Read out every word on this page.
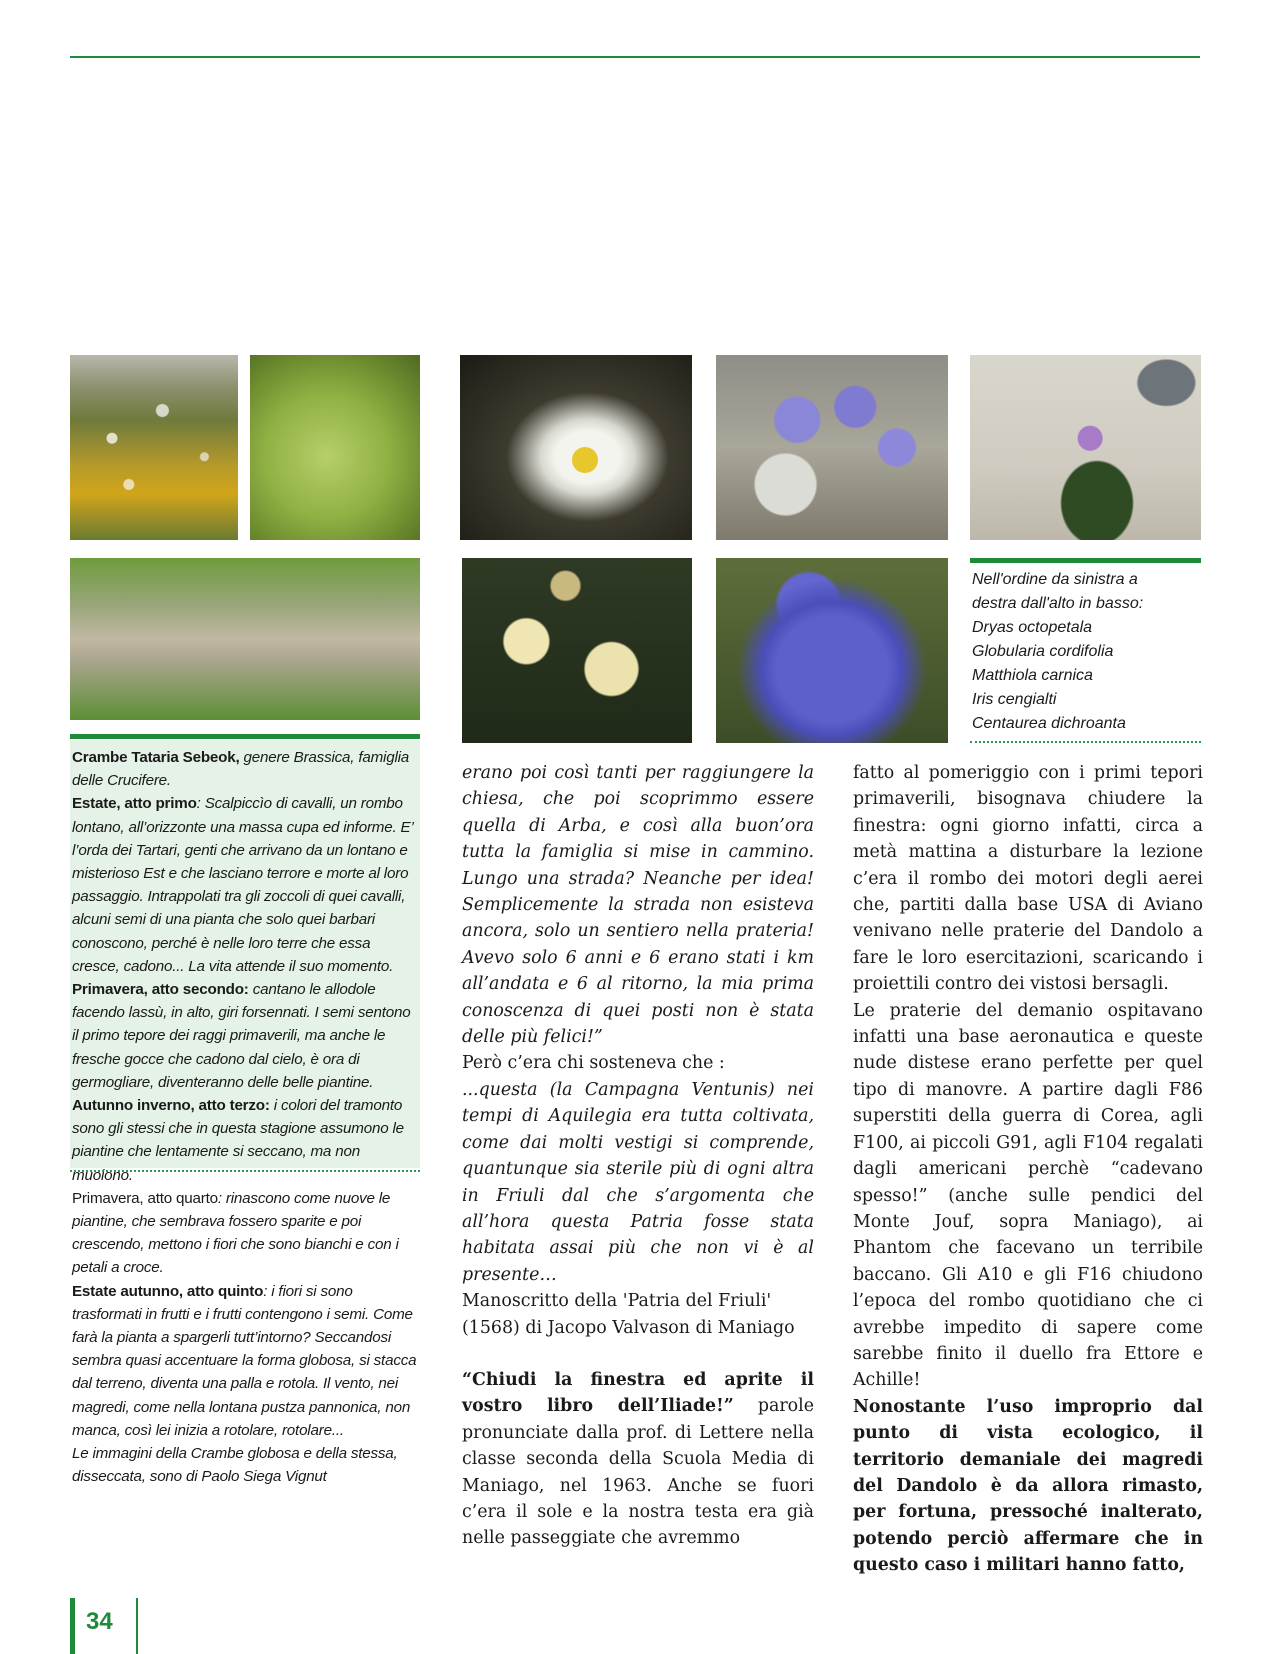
Nell'ordine da sinistra a
destra dall'alto in basso:
Dryas octopetala
Globularia cordifolia
Matthiola carnica
Iris cengialti
Centaurea dichroanta

Crambe Tataria Sebeok, genere Brassica, famiglia delle Crucifere.

Estate, atto primo: Scalpiccìo di cavalli, un rombo lontano, all’orizzonte una massa cupa ed informe. E’ l’orda dei Tartari, genti che arrivano da un lontano e misterioso Est e che lasciano terrore e morte al loro passaggio. Intrappolati tra gli zoccoli di quei cavalli, alcuni semi di una pianta che solo quei barbari conoscono, perché è nelle loro terre che essa cresce, cadono... La vita attende il suo momento.

Primavera, atto secondo: cantano le allodole facendo lassù, in alto, giri forsennati. I semi sentono il primo tepore dei raggi primaverili, ma anche le fresche gocce che cadono dal cielo, è ora di germogliare, diventeranno delle belle piantine.

Autunno inverno, atto terzo: i colori del tramonto sono gli stessi che in questa stagione assumono le piantine che lentamente si seccano, ma non muoiono.

Primavera, atto quarto: rinascono come nuove le piantine, che sembrava fossero sparite e poi crescendo, mettono i fiori che sono bianchi e con i petali a croce.

Estate autunno, atto quinto: i fiori si sono trasformati in frutti e i frutti contengono i semi. Come farà la pianta a spargerli tutt’intorno? Seccandosi sembra quasi accentuare la forma globosa, si stacca dal terreno, diventa una palla e rotola. Il vento, nei magredi, come nella lontana pustza pannonica, non manca, così lei inizia a rotolare, rotolare...

Le immagini della Crambe globosa e della stessa, disseccata, sono di Paolo Siega Vignut

erano poi così tanti per raggiungere la chiesa, che poi scoprimmo essere quella di Arba, e così alla buon’ora tutta la famiglia si mise in cammino. Lungo una strada? Neanche per idea! Semplicemente la strada non esisteva ancora, solo un sentiero nella prateria! Avevo solo 6 anni e 6 erano stati i km all’andata e 6 al ritorno, la mia prima conoscenza di quei posti non è stata delle più felici!”

Però c’era chi sosteneva che :

...questa (la Campagna Ventunis) nei tempi di Aquilegia era tutta coltivata, come dai molti vestigi si comprende, quantunque sia sterile più di ogni altra in Friuli dal che s’argomenta che all’hora questa Patria fosse stata habitata assai più che non vi è al presente…

Manoscritto della 'Patria del Friuli' (1568) di Jacopo Valvason di Maniago

“Chiudi la finestra ed aprite il vostro libro dell’Iliade!” parole pronunciate dalla prof. di Lettere nella classe seconda della Scuola Media di Maniago, nel 1963. Anche se fuori c’era il sole e la nostra testa era già nelle passeggiate che avremmo

fatto al pomeriggio con i primi tepori primaverili, bisognava chiudere la finestra: ogni giorno infatti, circa a metà mattina a disturbare la lezione c’era il rombo dei motori degli aerei che, partiti dalla base USA di Aviano venivano nelle praterie del Dandolo a fare le loro esercitazioni, scaricando i proiettili contro dei vistosi bersagli.

Le praterie del demanio ospitavano infatti una base aeronautica e queste nude distese erano perfette per quel tipo di manovre. A partire dagli F86 superstiti della guerra di Corea, agli F100, ai piccoli G91, agli F104 regalati dagli americani perchè “cadevano spesso!” (anche sulle pendici del Monte Jouf, sopra Maniago), ai Phantom che facevano un terribile baccano. Gli A10 e gli F16 chiudono l’epoca del rombo quotidiano che ci avrebbe impedito di sapere come sarebbe finito il duello fra Ettore e Achille!

Nonostante l’uso improprio dal punto di vista ecologico, il territorio demaniale dei magredi del Dandolo è da allora rimasto, per fortuna, pressoché inalterato, potendo perciò affermare che in questo caso i militari hanno fatto,

34
